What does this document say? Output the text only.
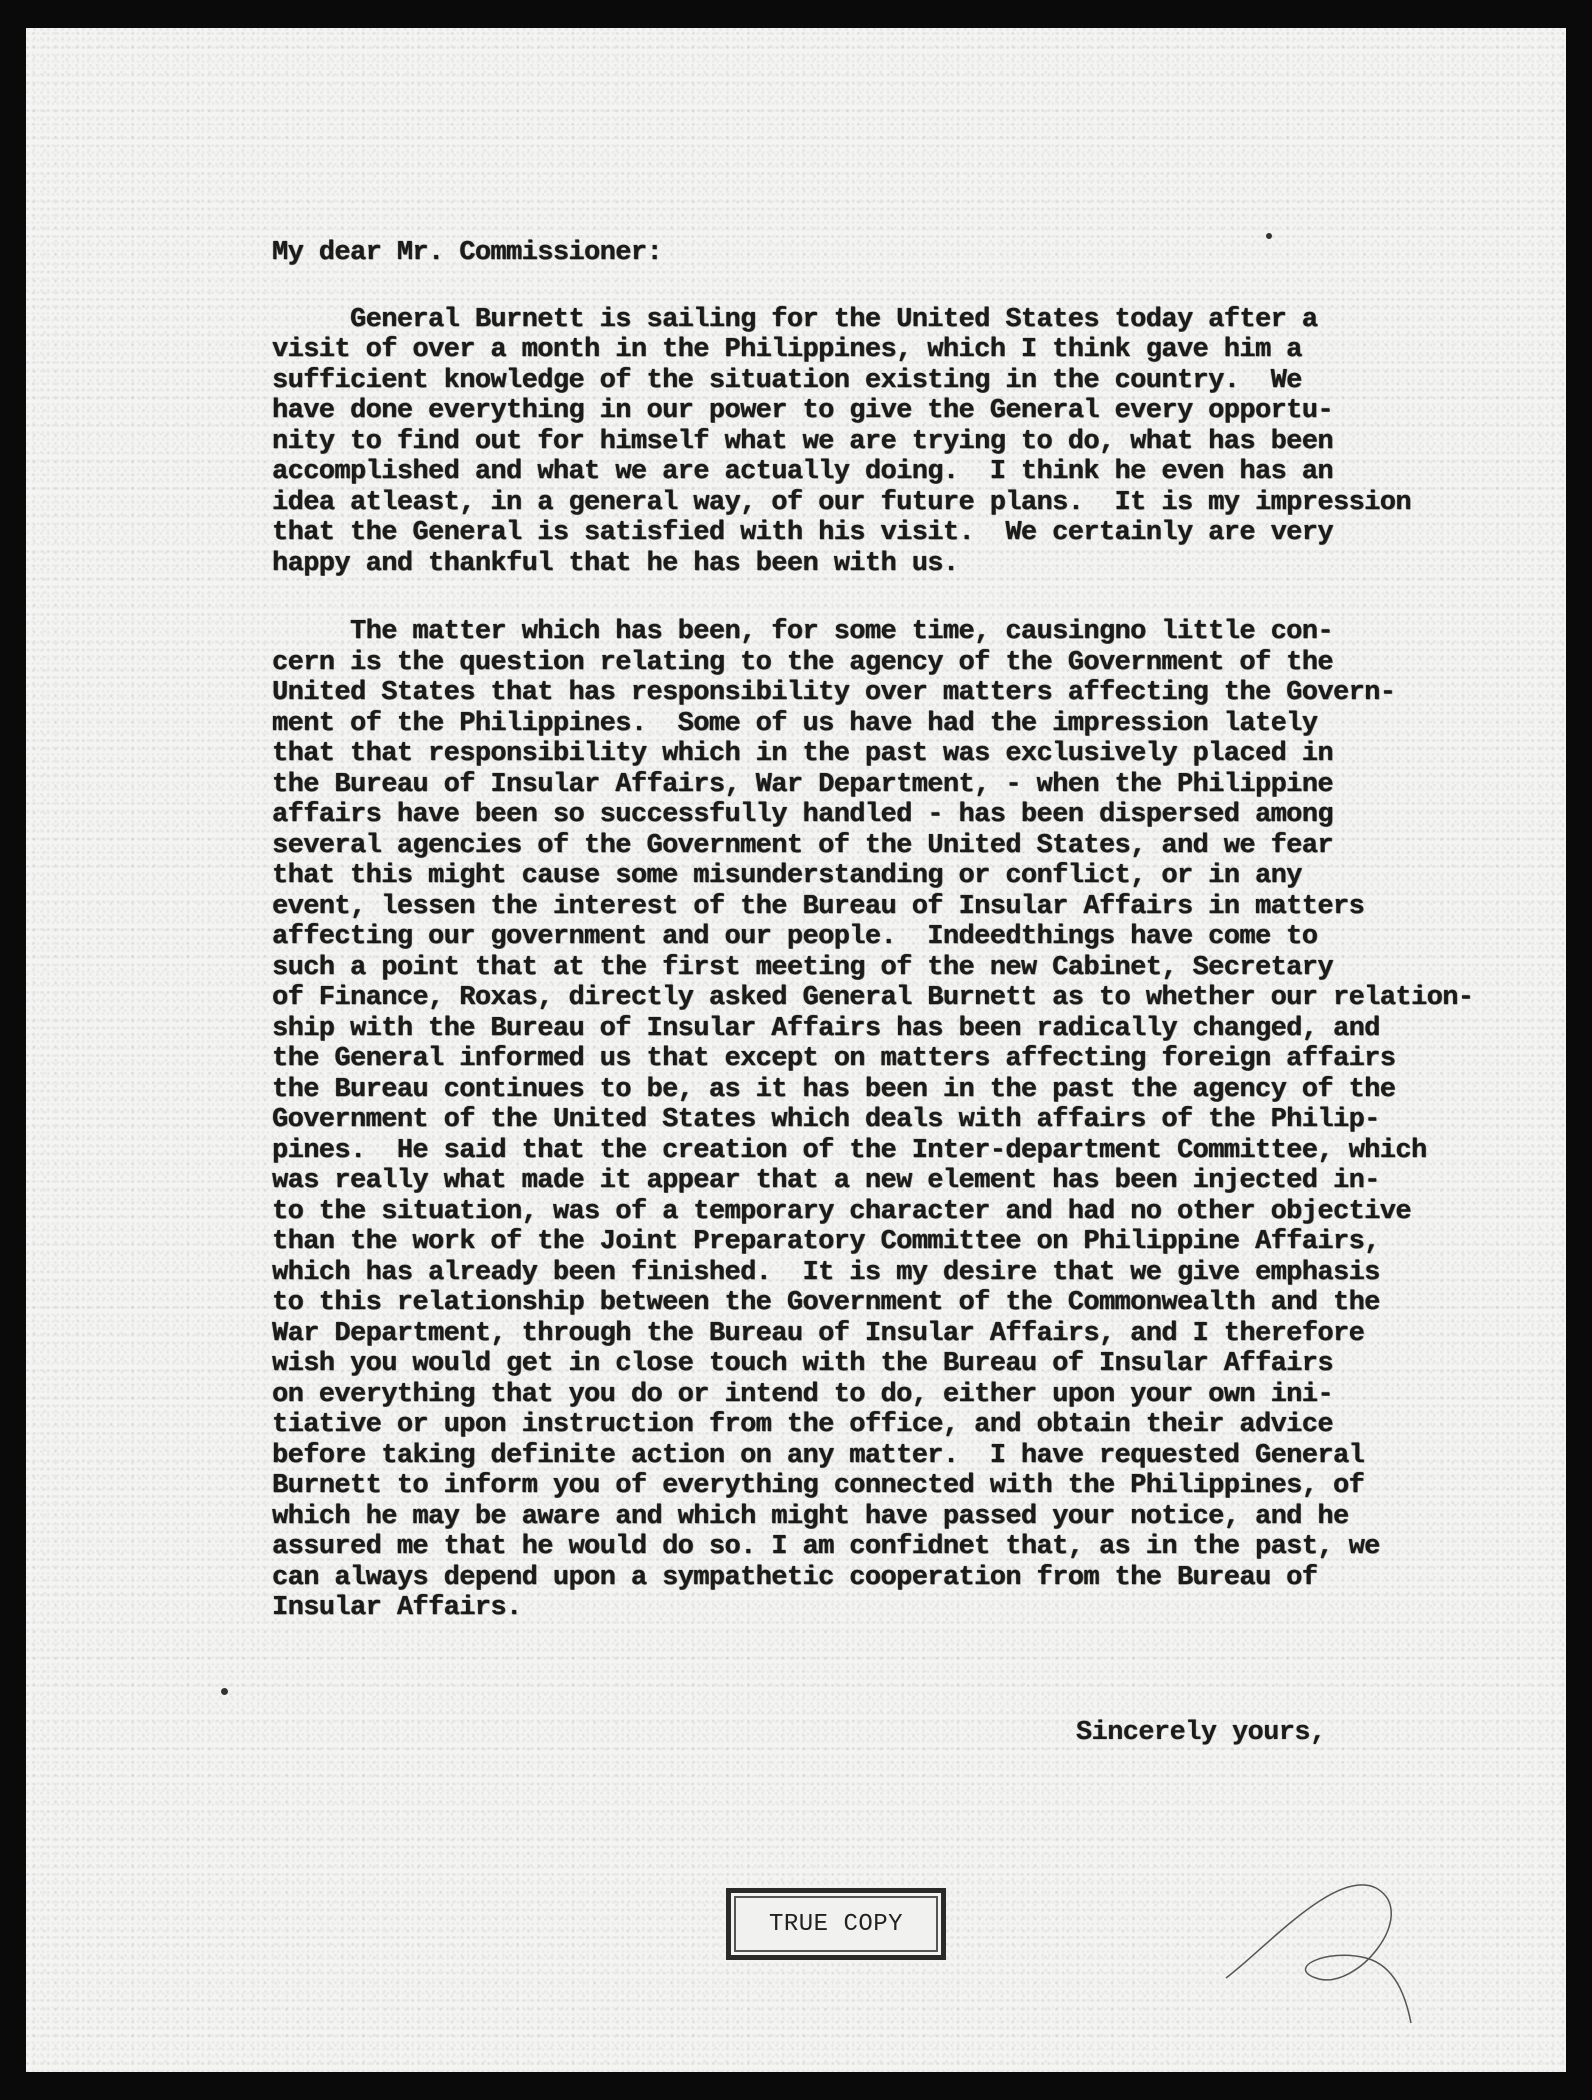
My dear Mr. Commissioner:
General Burnett is sailing for the United States today after a
visit of over a month in the Philippines, which I think gave him a
sufficient knowledge of the situation existing in the country.  We
have done everything in our power to give the General every opportu-
nity to find out for himself what we are trying to do, what has been
accomplished and what we are actually doing.  I think he even has an
idea atleast, in a general way, of our future plans.  It is my impression
that the General is satisfied with his visit.  We certainly are very
happy and thankful that he has been with us.
The matter which has been, for some time, causingno little con-
cern is the question relating to the agency of the Government of the
United States that has responsibility over matters affecting the Govern-
ment of the Philippines.  Some of us have had the impression lately
that that responsibility which in the past was exclusively placed in
the Bureau of Insular Affairs, War Department, - when the Philippine
affairs have been so successfully handled - has been dispersed among
several agencies of the Government of the United States, and we fear
that this might cause some misunderstanding or conflict, or in any
event, lessen the interest of the Bureau of Insular Affairs in matters
affecting our government and our people.  Indeedthings have come to
such a point that at the first meeting of the new Cabinet, Secretary
of Finance, Roxas, directly asked General Burnett as to whether our relation-
ship with the Bureau of Insular Affairs has been radically changed, and
the General informed us that except on matters affecting foreign affairs
the Bureau continues to be, as it has been in the past the agency of the
Government of the United States which deals with affairs of the Philip-
pines.  He said that the creation of the Inter-department Committee, which
was really what made it appear that a new element has been injected in-
to the situation, was of a temporary character and had no other objective
than the work of the Joint Preparatory Committee on Philippine Affairs,
which has already been finished.  It is my desire that we give emphasis
to this relationship between the Government of the Commonwealth and the
War Department, through the Bureau of Insular Affairs, and I therefore
wish you would get in close touch with the Bureau of Insular Affairs
on everything that you do or intend to do, either upon your own ini-
tiative or upon instruction from the office, and obtain their advice
before taking definite action on any matter.  I have requested General
Burnett to inform you of everything connected with the Philippines, of
which he may be aware and which might have passed your notice, and he
assured me that he would do so. I am confidnet that, as in the past, we
can always depend upon a sympathetic cooperation from the Bureau of
Insular Affairs.
Sincerely yours,
TRUE COPY
